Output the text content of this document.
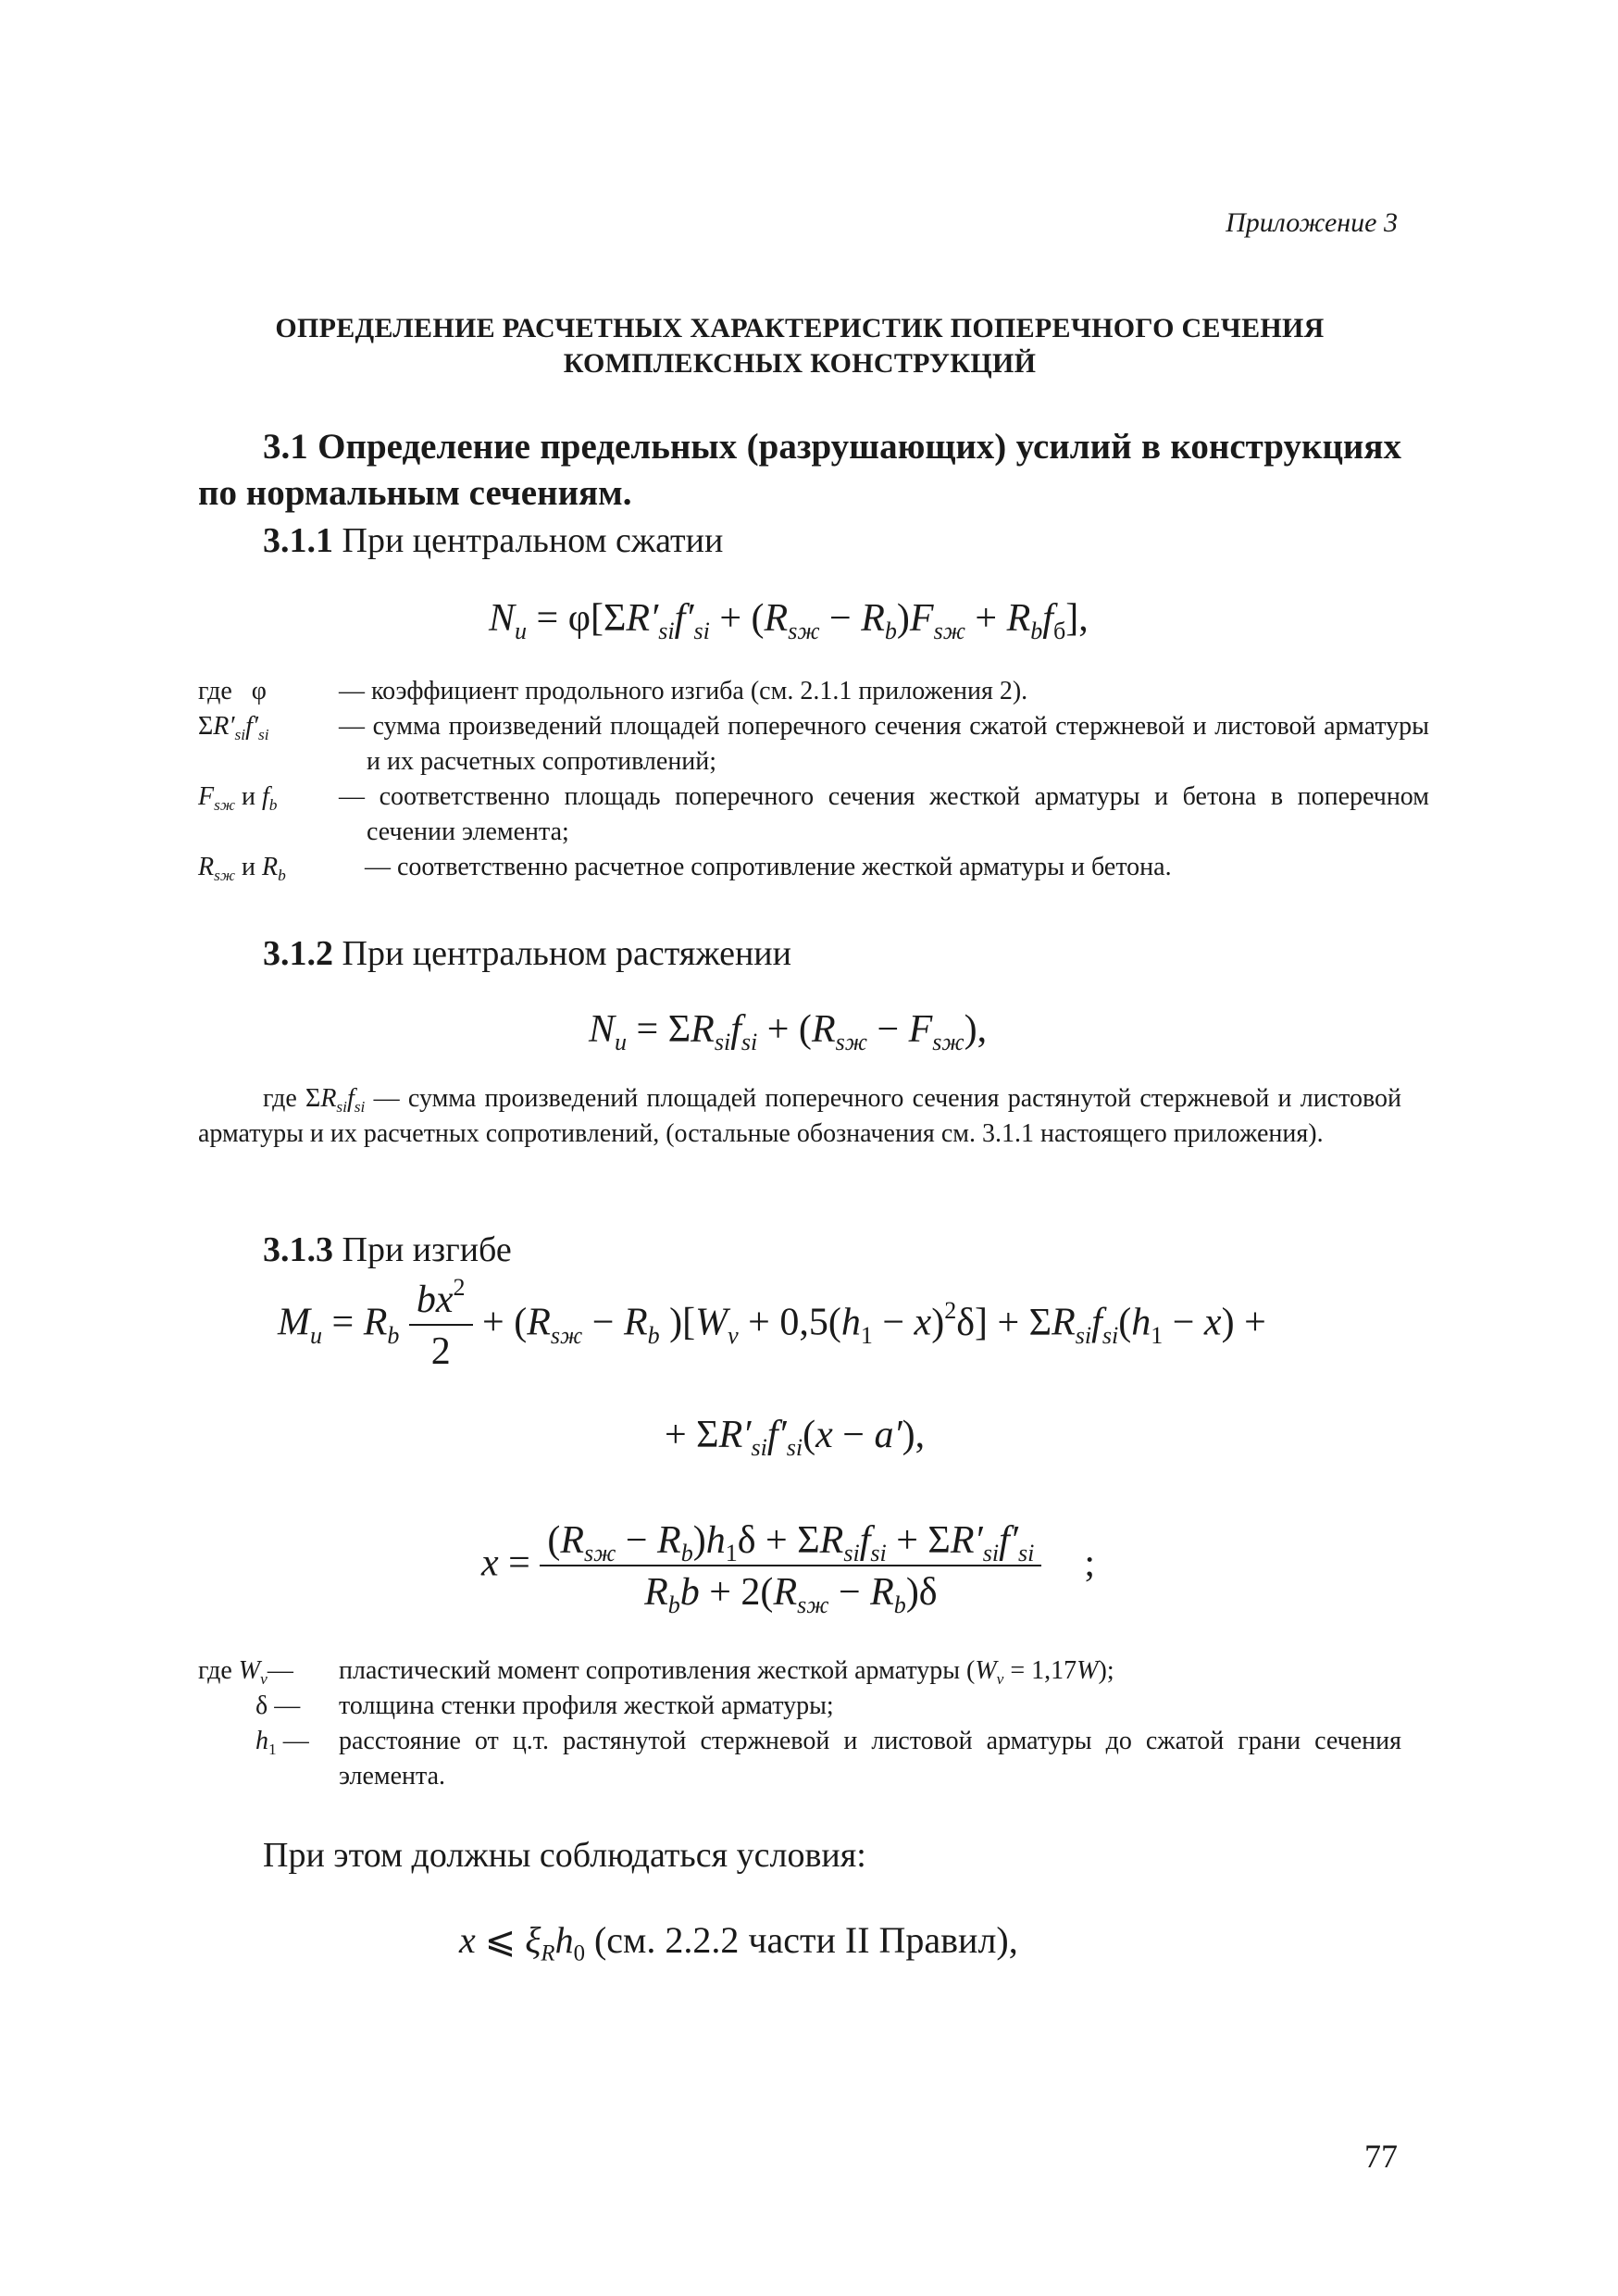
Приложение 3
ОПРЕДЕЛЕНИЕ РАСЧЕТНЫХ ХАРАКТЕРИСТИК ПОПЕРЕЧНОГО СЕЧЕНИЯ
КОМПЛЕКСНЫХ КОНСТРУКЦИЙ
3.1 Определение предельных (разрушающих) усилий в конструкциях по нормальным сечениям.
3.1.1 При центральном сжатии
$N_u = \varphi[\Sigma R'_{si}f'_{si} + (R_{sж} - R_b)F_{sж} + R_bf_б]$,
где φ	— коэффициент продольного изгиба (см. 2.1.1 приложения 2).
$\Sigma R'_{si}f'_{si}$	— сумма произведений площадей поперечного сечения сжатой стержневой и листовой арматуры и их расчетных сопротивлений;
$F_{sж}$ и $f_b$ — соответственно площадь поперечного сечения жесткой арматуры и бетона в поперечном сечении элемента;
$R_{sж}$ и $R_b$	— соответственно расчетное сопротивление жесткой арматуры и бетона.
3.1.2 При центральном растяжении
$N_u = \Sigma R_{si}f_{si} + (R_{sж} - F_{sж})$,
где $\Sigma R_{si}f_{si}$ — сумма произведений площадей поперечного сечения растянутой стержневой и листовой арматуры и их расчетных сопротивлений, (остальные обозначения см. 3.1.1 настоящего приложения).
3.1.3 При изгибе
$M_u = R_b \frac{bx^2}{2} + (R_{sж} - R_b$ )$[W_v + 0,5(h_1 - x)^2\delta] + \Sigma R_{si}f_{si}(h_1 - x)$ +
+ $\Sigma R'_{si}f'_{si}(x - a')$,
$x = \frac{(R_{sж} - R_b)h_1\delta + \Sigma R_{si}f_{si} + \Sigma R'_{si}f'_{si}}{R_bb + 2(R_{sж} - R_b)\delta}$ ;
где $W_v—$ пластический момент сопротивления жесткой арматуры $(W_v = 1,17W)$;
δ — толщина стенки профиля жесткой арматуры;
$h_1$ — расстояние от ц.т. растянутой стержневой и листовой арматуры до сжатой грани сечения элемента.
При этом должны соблюдаться условия:
x ⩽ $\xi_Rh_0$ (см. 2.2.2 части II Правил),
77
